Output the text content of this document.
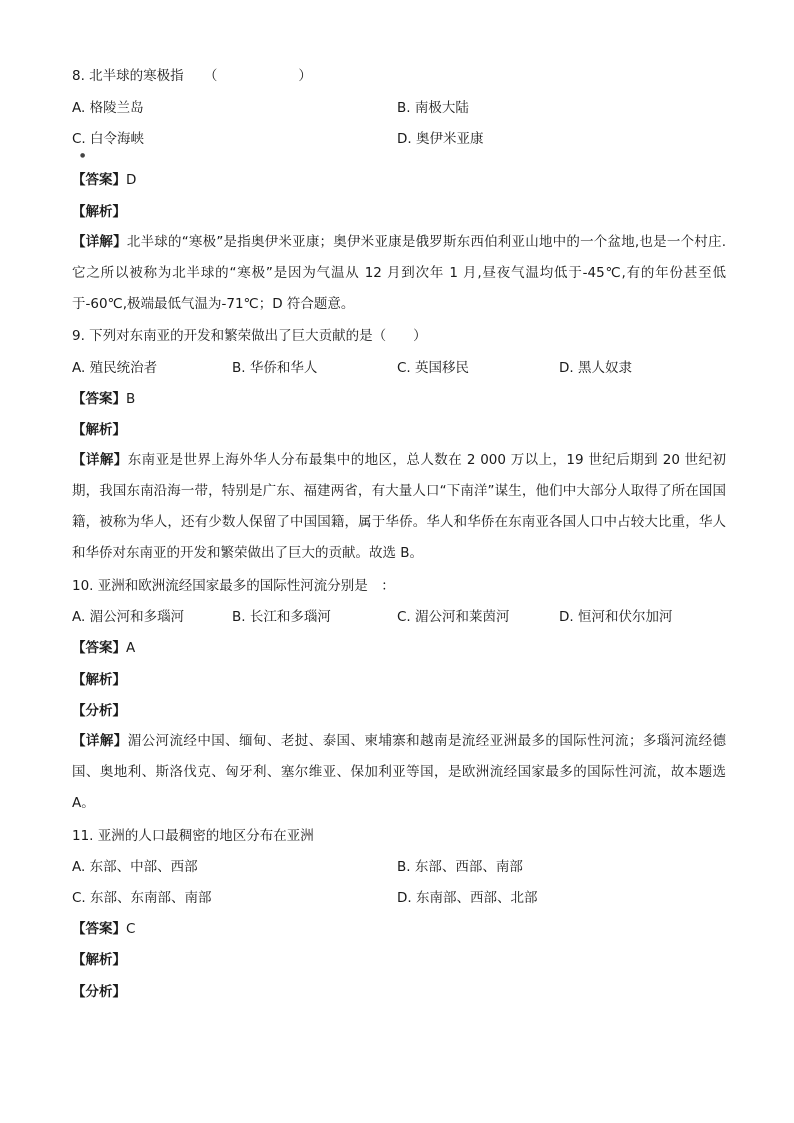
8. 北半球的寒极指　　（　　　　　　）
A. 格陵兰岛	B. 南极大陆
C. 白令海峡	D. 奥伊米亚康
●
【答案】D
【解析】
【详解】北半球的“寒极”是指奥伊米亚康；奥伊米亚康是俄罗斯东西伯利亚山地中的一个盆地,也是一个村庄.它之所以被称为北半球的“寒极”是因为气温从 12 月到次年 1 月,昼夜气温均低于-45℃,有的年份甚至低于-60℃,极端最低气温为-71℃；D 符合题意。
9. 下列对东南亚的开发和繁荣做出了巨大贡献的是（　　）
A. 殖民统治者	B. 华侨和华人	C. 英国移民	D. 黑人奴隶
【答案】B
【解析】
【详解】东南亚是世界上海外华人分布最集中的地区，总人数在 2 000 万以上，19 世纪后期到 20 世纪初期，我国东南沿海一带，特别是广东、福建两省，有大量人口“下南洋”谋生，他们中大部分人取得了所在国国籍，被称为华人，还有少数人保留了中国国籍，属于华侨。华人和华侨在东南亚各国人口中占较大比重，华人和华侨对东南亚的开发和繁荣做出了巨大的贡献。故选 B。
10. 亚洲和欧洲流经国家最多的国际性河流分别是　：
A. 湄公河和多瑙河	B. 长江和多瑙河	C. 湄公河和莱茵河	D. 恒河和伏尔加河
【答案】A
【解析】
【分析】
【详解】湄公河流经中国、缅甸、老挝、泰国、柬埔寨和越南是流经亚洲最多的国际性河流；多瑙河流经德国、奥地利、斯洛伐克、匈牙利、塞尔维亚、保加利亚等国，是欧洲流经国家最多的国际性河流，故本题选 A。
11. 亚洲的人口最稠密的地区分布在亚洲
A. 东部、中部、西部	B. 东部、西部、南部
C. 东部、东南部、南部	D. 东南部、西部、北部
【答案】C
【解析】
【分析】
